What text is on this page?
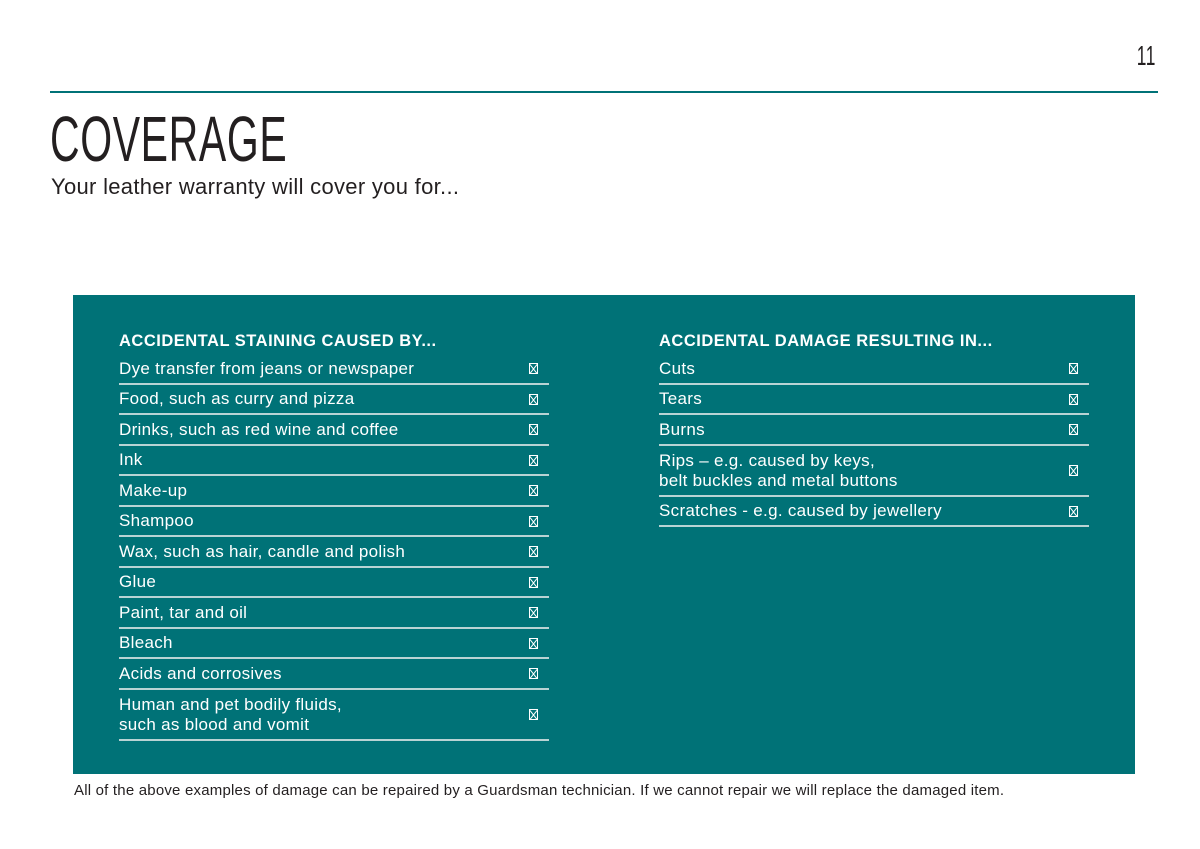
11
COVERAGE
Your leather warranty will cover you for...
ACCIDENTAL STAINING CAUSED BY...
Dye transfer from jeans or newspaper
Food, such as curry and pizza
Drinks, such as red wine and coffee
Ink
Make-up
Shampoo
Wax, such as hair, candle and polish
Glue
Paint, tar and oil
Bleach
Acids and corrosives
Human and pet bodily fluids,
such as blood and vomit
ACCIDENTAL DAMAGE RESULTING IN...
Cuts
Tears
Burns
Rips – e.g. caused by keys,
belt buckles and metal buttons
Scratches - e.g. caused by jewellery
All of the above examples of damage can be repaired by a Guardsman technician. If we cannot repair we will replace the damaged item.
